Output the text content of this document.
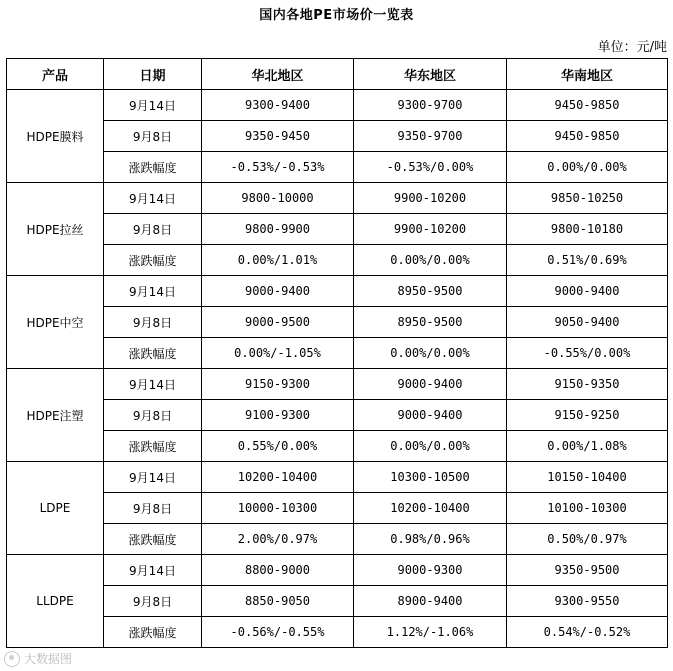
国内各地PE市场价一览表
单位：元/吨
产品	日期	华北地区	华东地区	华南地区
HDPE膜料	9月14日	9300-9400	9300-9700	9450-9850
	9月8日	9350-9450	9350-9700	9450-9850
	涨跌幅度	-0.53%/-0.53%	-0.53%/0.00%	0.00%/0.00%
HDPE拉丝	9月14日	9800-10000	9900-10200	9850-10250
	9月8日	9800-9900	9900-10200	9800-10180
	涨跌幅度	0.00%/1.01%	0.00%/0.00%	0.51%/0.69%
HDPE中空	9月14日	9000-9400	8950-9500	9000-9400
	9月8日	9000-9500	8950-9500	9050-9400
	涨跌幅度	0.00%/-1.05%	0.00%/0.00%	-0.55%/0.00%
HDPE注塑	9月14日	9150-9300	9000-9400	9150-9350
	9月8日	9100-9300	9000-9400	9150-9250
	涨跌幅度	0.55%/0.00%	0.00%/0.00%	0.00%/1.08%
LDPE	9月14日	10200-10400	10300-10500	10150-10400
	9月8日	10000-10300	10200-10400	10100-10300
	涨跌幅度	2.00%/0.97%	0.98%/0.96%	0.50%/0.97%
LLDPE	9月14日	8800-9000	9000-9300	9350-9500
	9月8日	8850-9050	8900-9400	9300-9550
	涨跌幅度	-0.56%/-0.55%	1.12%/-1.06%	0.54%/-0.52%
大数据图
